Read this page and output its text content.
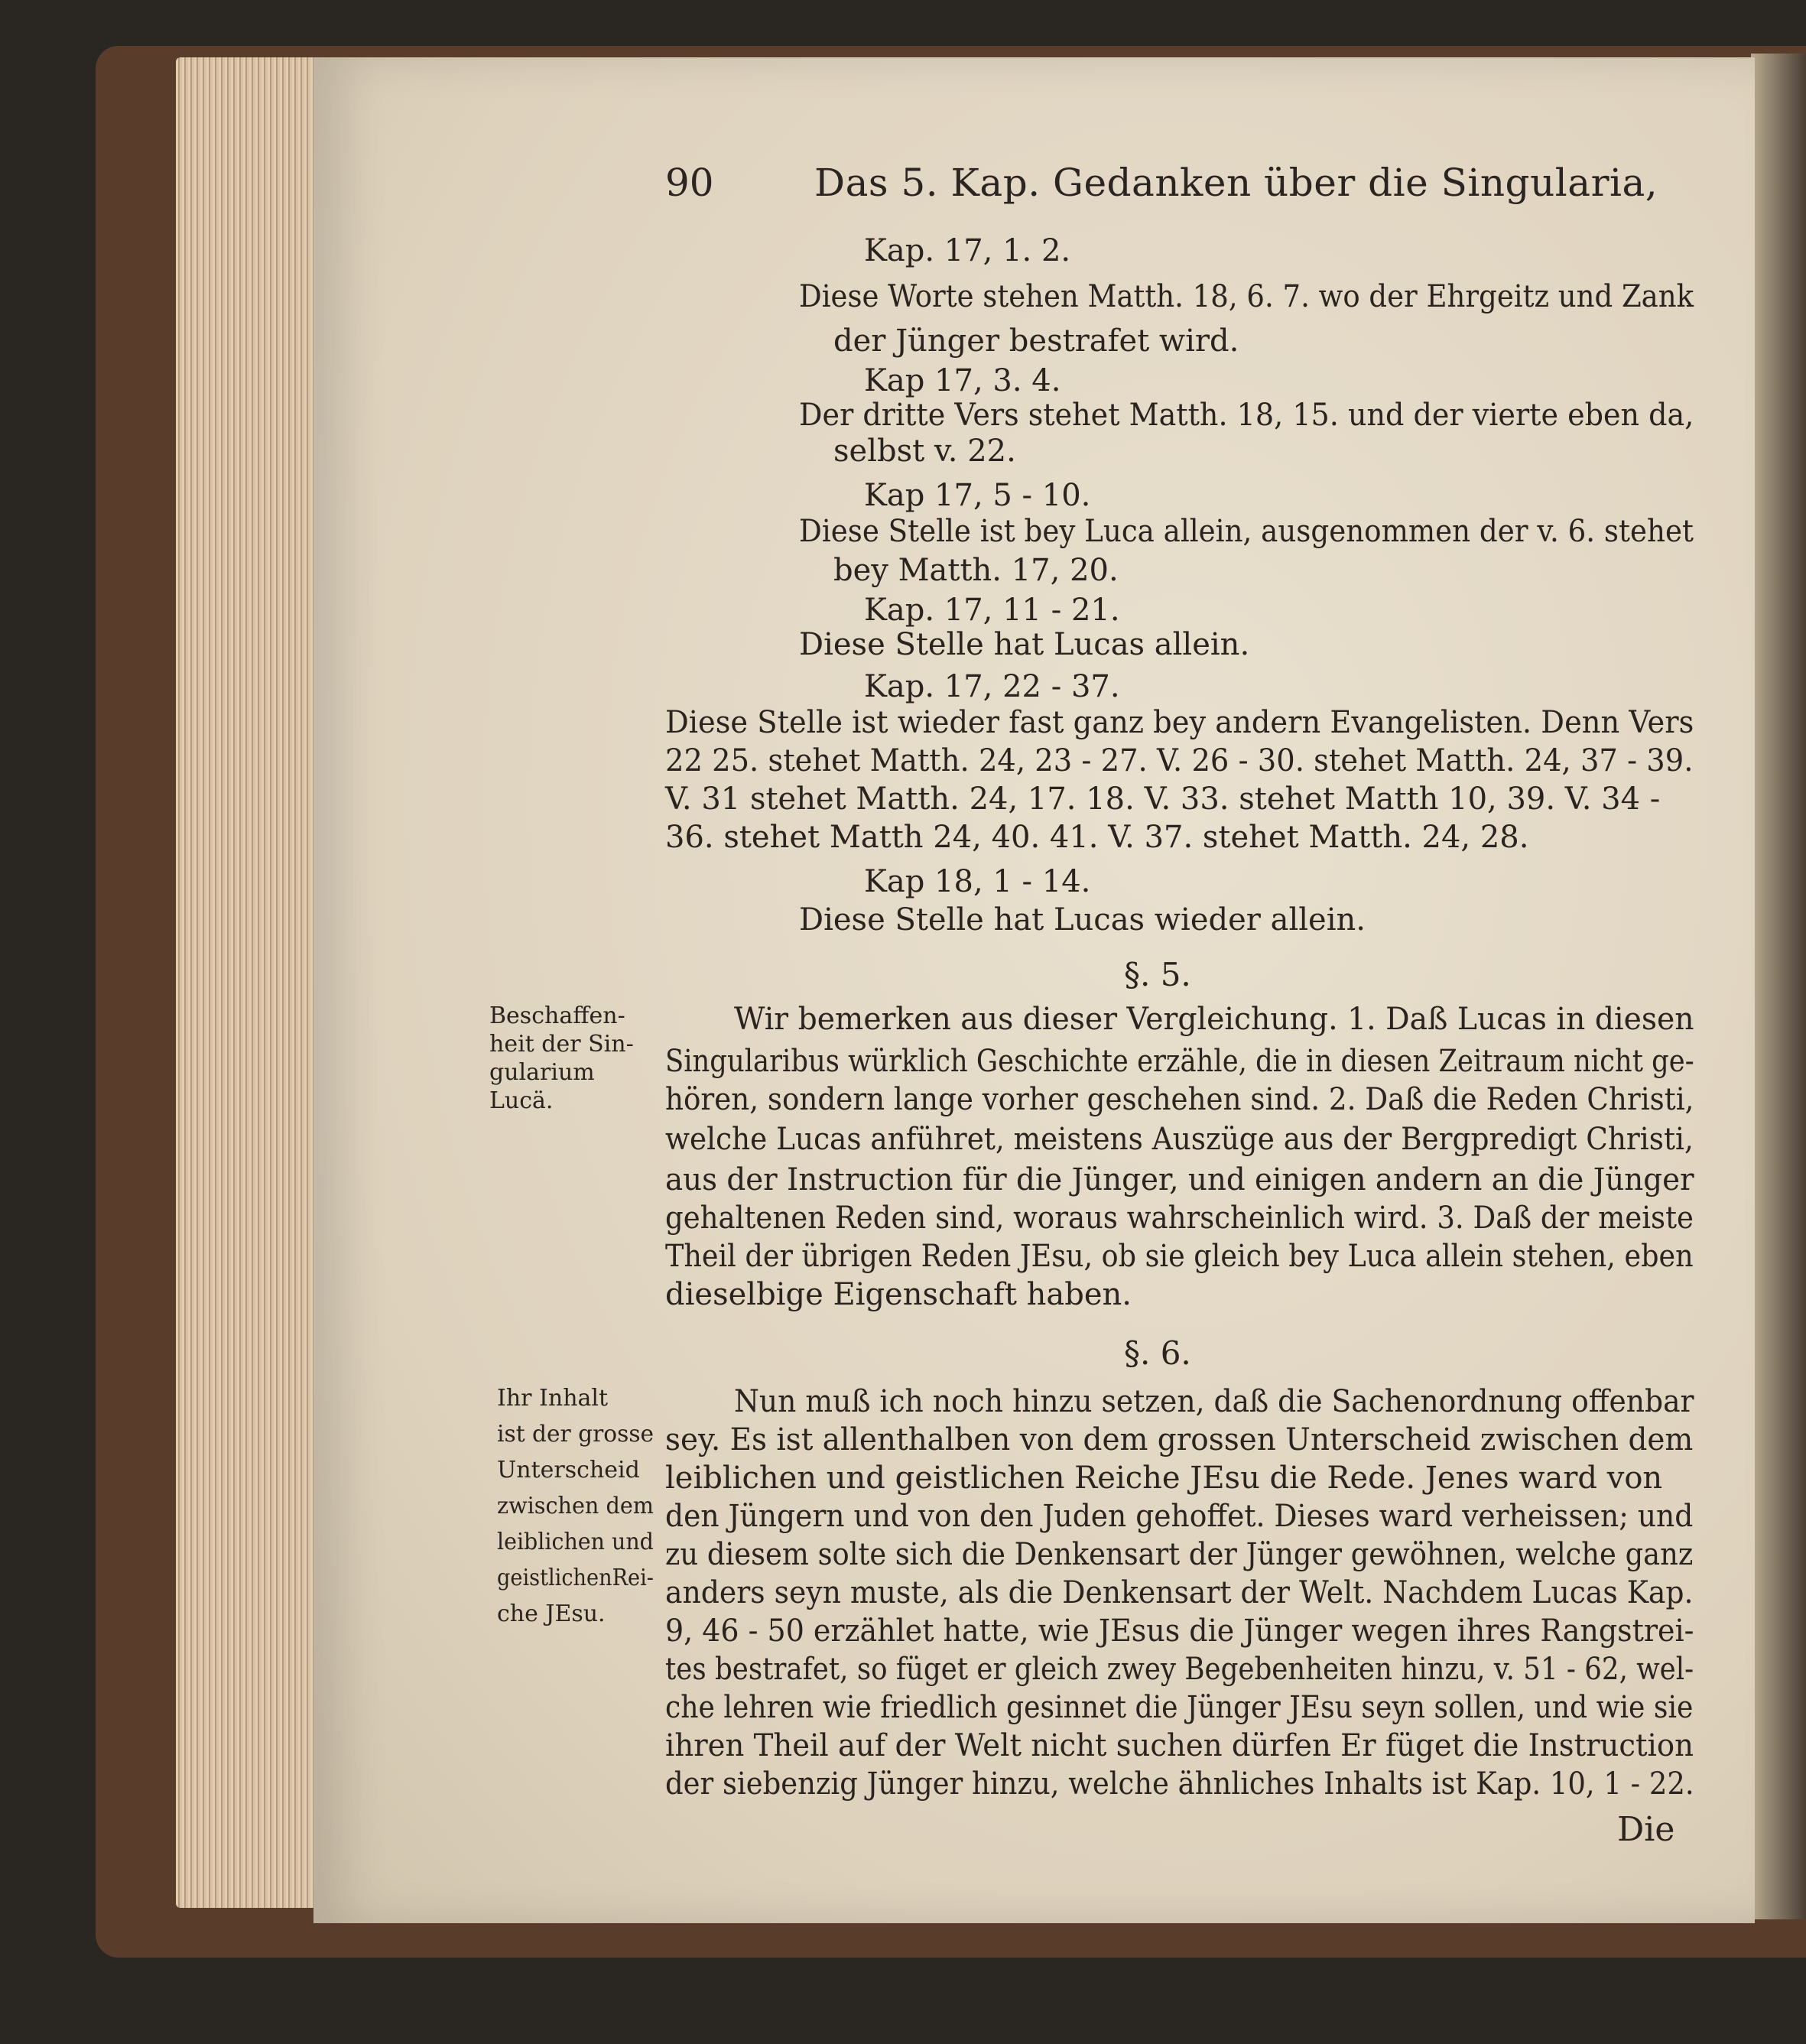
90	Das 5. Kap. Gedanken über die Singularia,
Kap. 17, 1. 2.
Diese Worte stehen Matth. 18, 6. 7. wo der Ehrgeitz und Zank
der Jünger bestrafet wird.
Kap 17, 3. 4.
Der dritte Vers stehet Matth. 18, 15. und der vierte eben da,
selbst v. 22.
Kap 17, 5 - 10.
Diese Stelle ist bey Luca allein, ausgenommen der v. 6. stehet
bey Matth. 17, 20.
Kap. 17, 11 - 21.
Diese Stelle hat Lucas allein.
Kap. 17, 22 - 37.
Diese Stelle ist wieder fast ganz bey andern Evangelisten. Denn Vers
22 25. stehet Matth. 24, 23 - 27. V. 26 - 30. stehet Matth. 24, 37 - 39.
V. 31 stehet Matth. 24, 17. 18. V. 33. stehet Matth 10, 39. V. 34 -
36. stehet Matth 24, 40. 41. V. 37. stehet Matth. 24, 28.
Kap 18, 1 - 14.
Diese Stelle hat Lucas wieder allein.
§. 5.
Beschaffen-
heit der Sin-
gularium
Lucä.
Wir bemerken aus dieser Vergleichung. 1. Daß Lucas in diesen
Singularibus würklich Geschichte erzähle, die in diesen Zeitraum nicht ge-
hören, sondern lange vorher geschehen sind. 2. Daß die Reden Christi,
welche Lucas anführet, meistens Auszüge aus der Bergpredigt Christi,
aus der Instruction für die Jünger, und einigen andern an die Jünger
gehaltenen Reden sind, woraus wahrscheinlich wird. 3. Daß der meiste
Theil der übrigen Reden JEsu, ob sie gleich bey Luca allein stehen, eben
dieselbige Eigenschaft haben.
§. 6.
Ihr Inhalt
ist der grosse
Unterscheid
zwischen dem
leiblichen und
geistlichenRei-
che JEsu.
Nun muß ich noch hinzu setzen, daß die Sachenordnung offenbar
sey. Es ist allenthalben von dem grossen Unterscheid zwischen dem
leiblichen und geistlichen Reiche JEsu die Rede. Jenes ward von
den Jüngern und von den Juden gehoffet. Dieses ward verheissen; und
zu diesem solte sich die Denkensart der Jünger gewöhnen, welche ganz
anders seyn muste, als die Denkensart der Welt. Nachdem Lucas Kap.
9, 46 - 50 erzählet hatte, wie JEsus die Jünger wegen ihres Rangstrei-
tes bestrafet, so füget er gleich zwey Begebenheiten hinzu, v. 51 - 62, wel-
che lehren wie friedlich gesinnet die Jünger JEsu seyn sollen, und wie sie
ihren Theil auf der Welt nicht suchen dürfen Er füget die Instruction
der siebenzig Jünger hinzu, welche ähnliches Inhalts ist Kap. 10, 1 - 22.
Die
